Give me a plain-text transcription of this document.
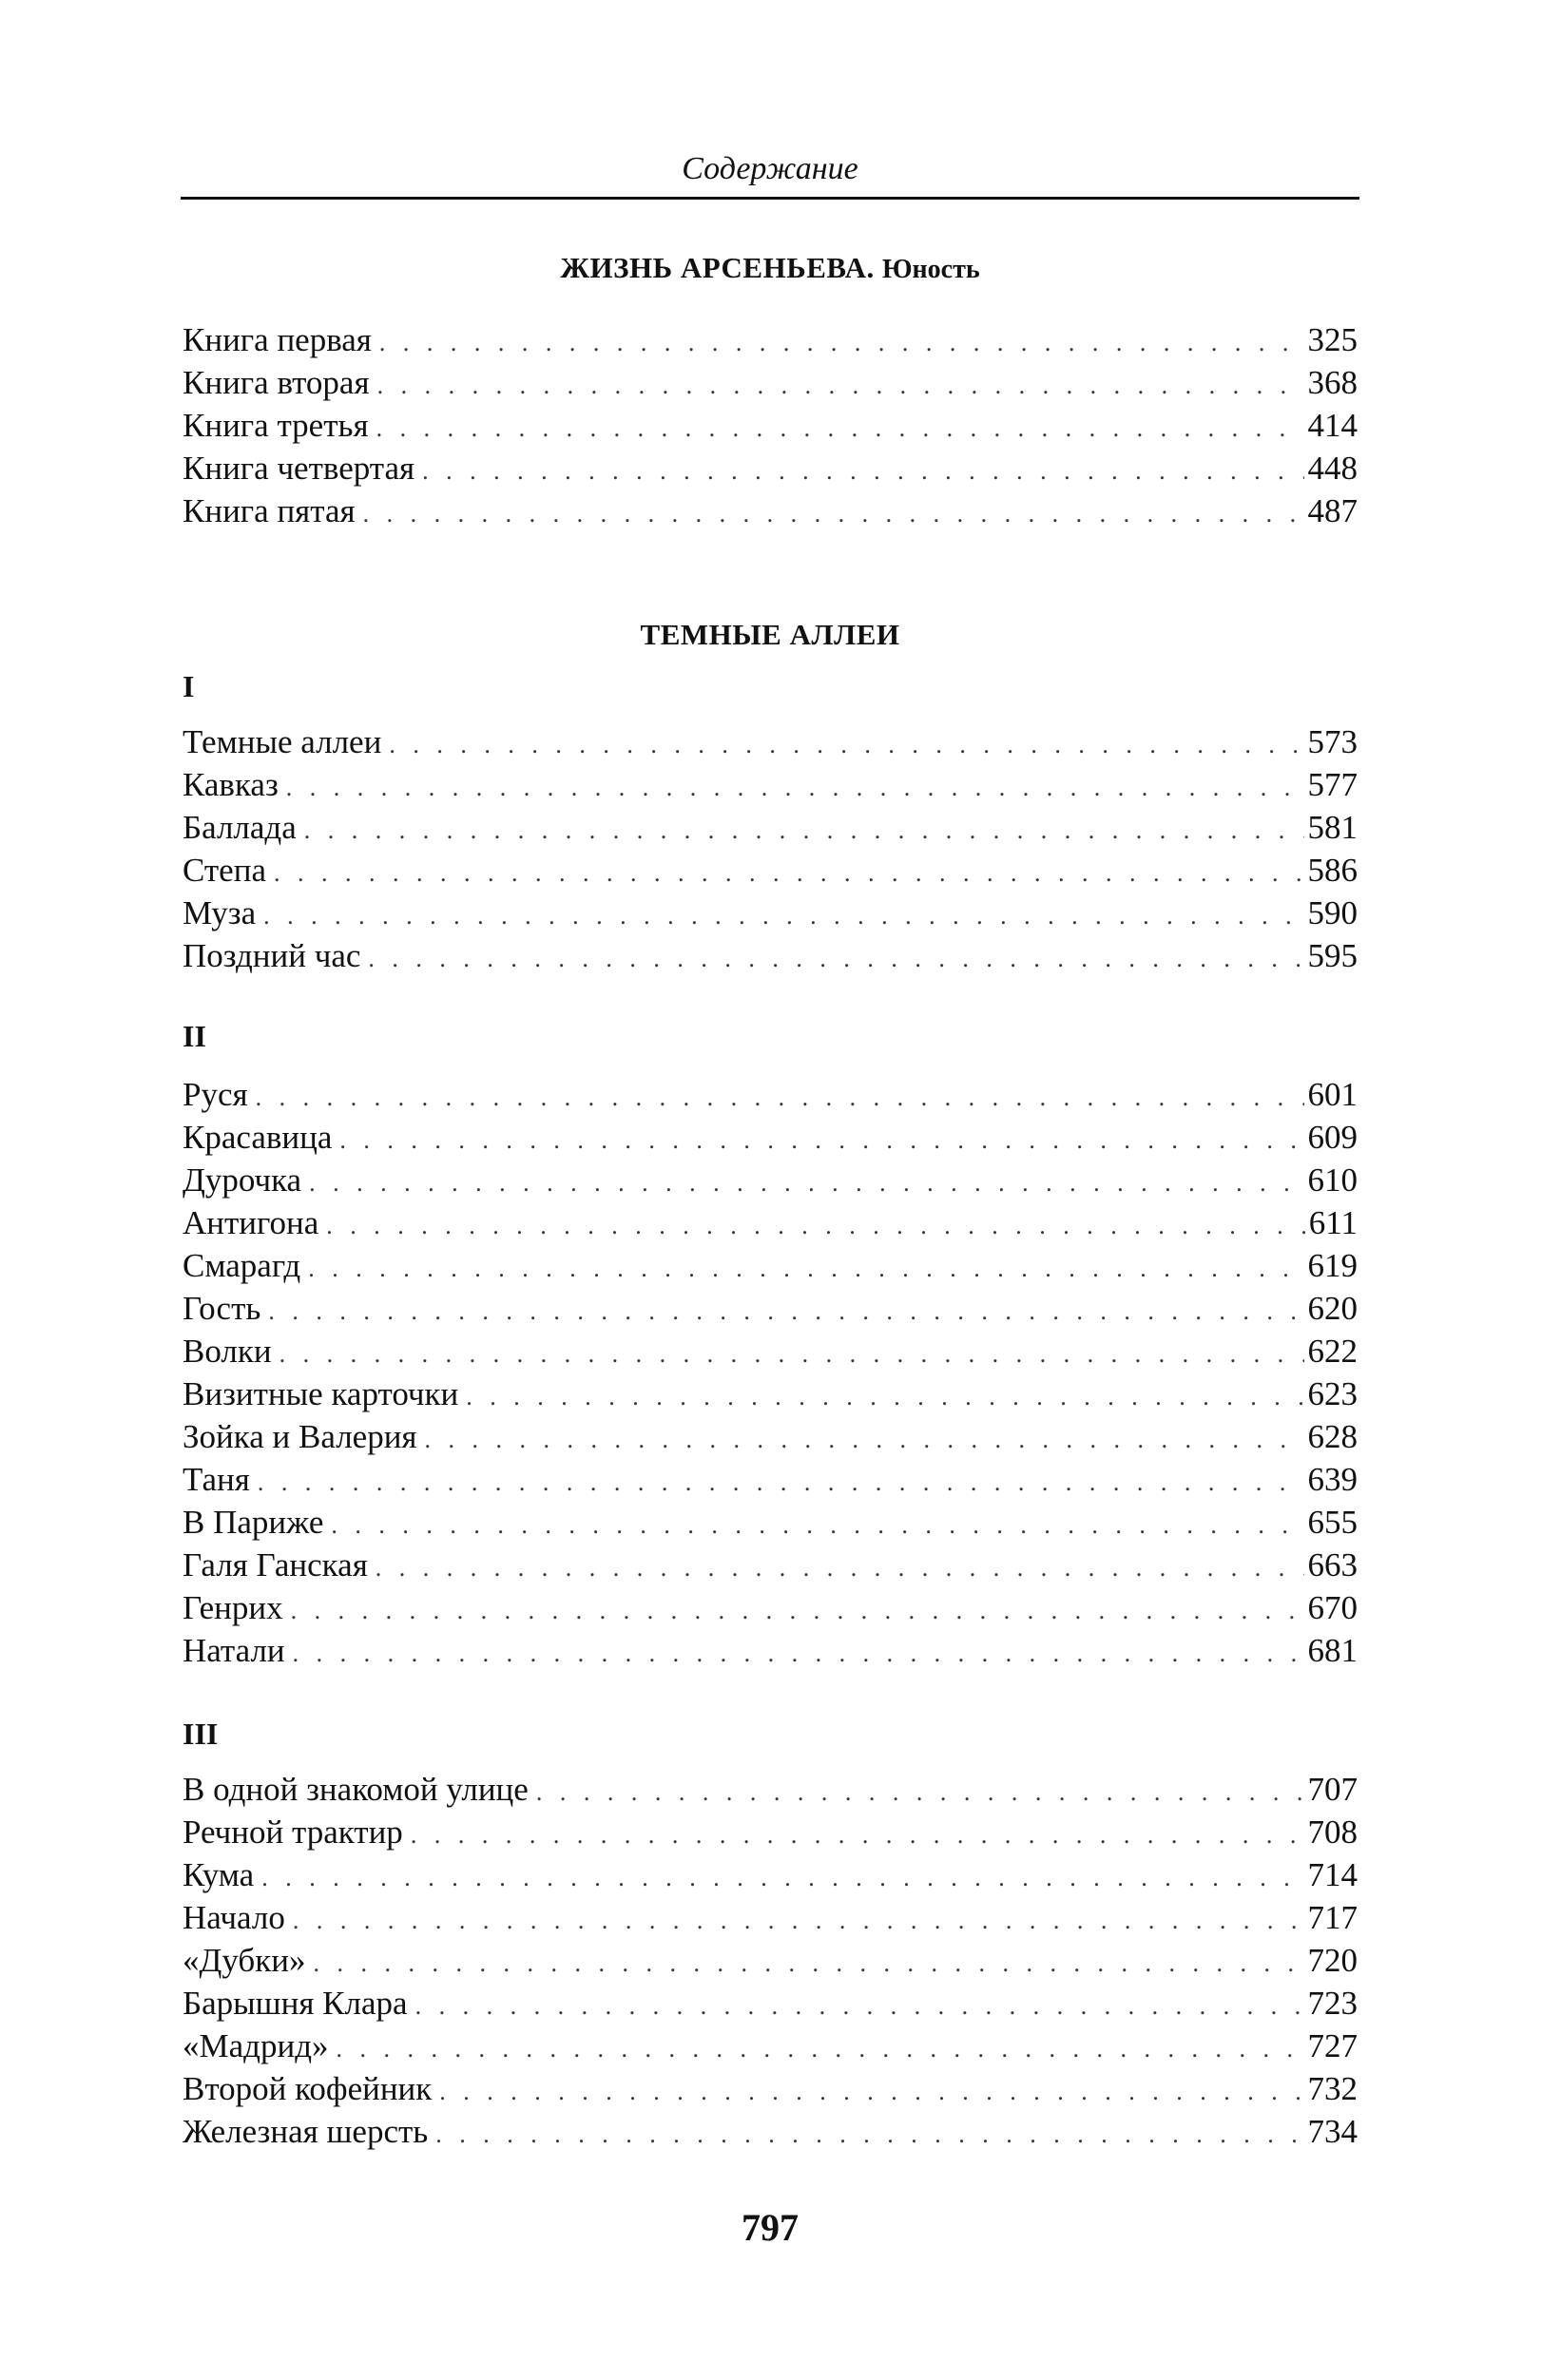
Содержание
ЖИЗНЬ АРСЕНЬЕВА. Юность
Книга первая . . .	325
Книга вторая . . .	368
Книга третья . . .	414
Книга четвертая . . .	448
Книга пятая . . .	487
ТЕМНЫЕ АЛЛЕИ
I
Темные аллеи . . .	573
Кавказ . . .	577
Баллада . . .	581
Степа . . .	586
Муза . . .	590
Поздний час . . .	595
II
Руся . . .	601
Красавица . . .	609
Дурочка . . .	610
Антигона . . .	611
Смарагд . . .	619
Гость . . .	620
Волки . . .	622
Визитные карточки . . .	623
Зойка и Валерия . . .	628
Таня . . .	639
В Париже . . .	655
Галя Ганская . . .	663
Генрих . . .	670
Натали . . .	681
III
В одной знакомой улице . . .	707
Речной трактир . . .	708
Кума . . .	714
Начало . . .	717
«Дубки» . . .	720
Барышня Клара . . .	723
«Мадрид» . . .	727
Второй кофейник . . .	732
Железная шерсть . . .	734
797
